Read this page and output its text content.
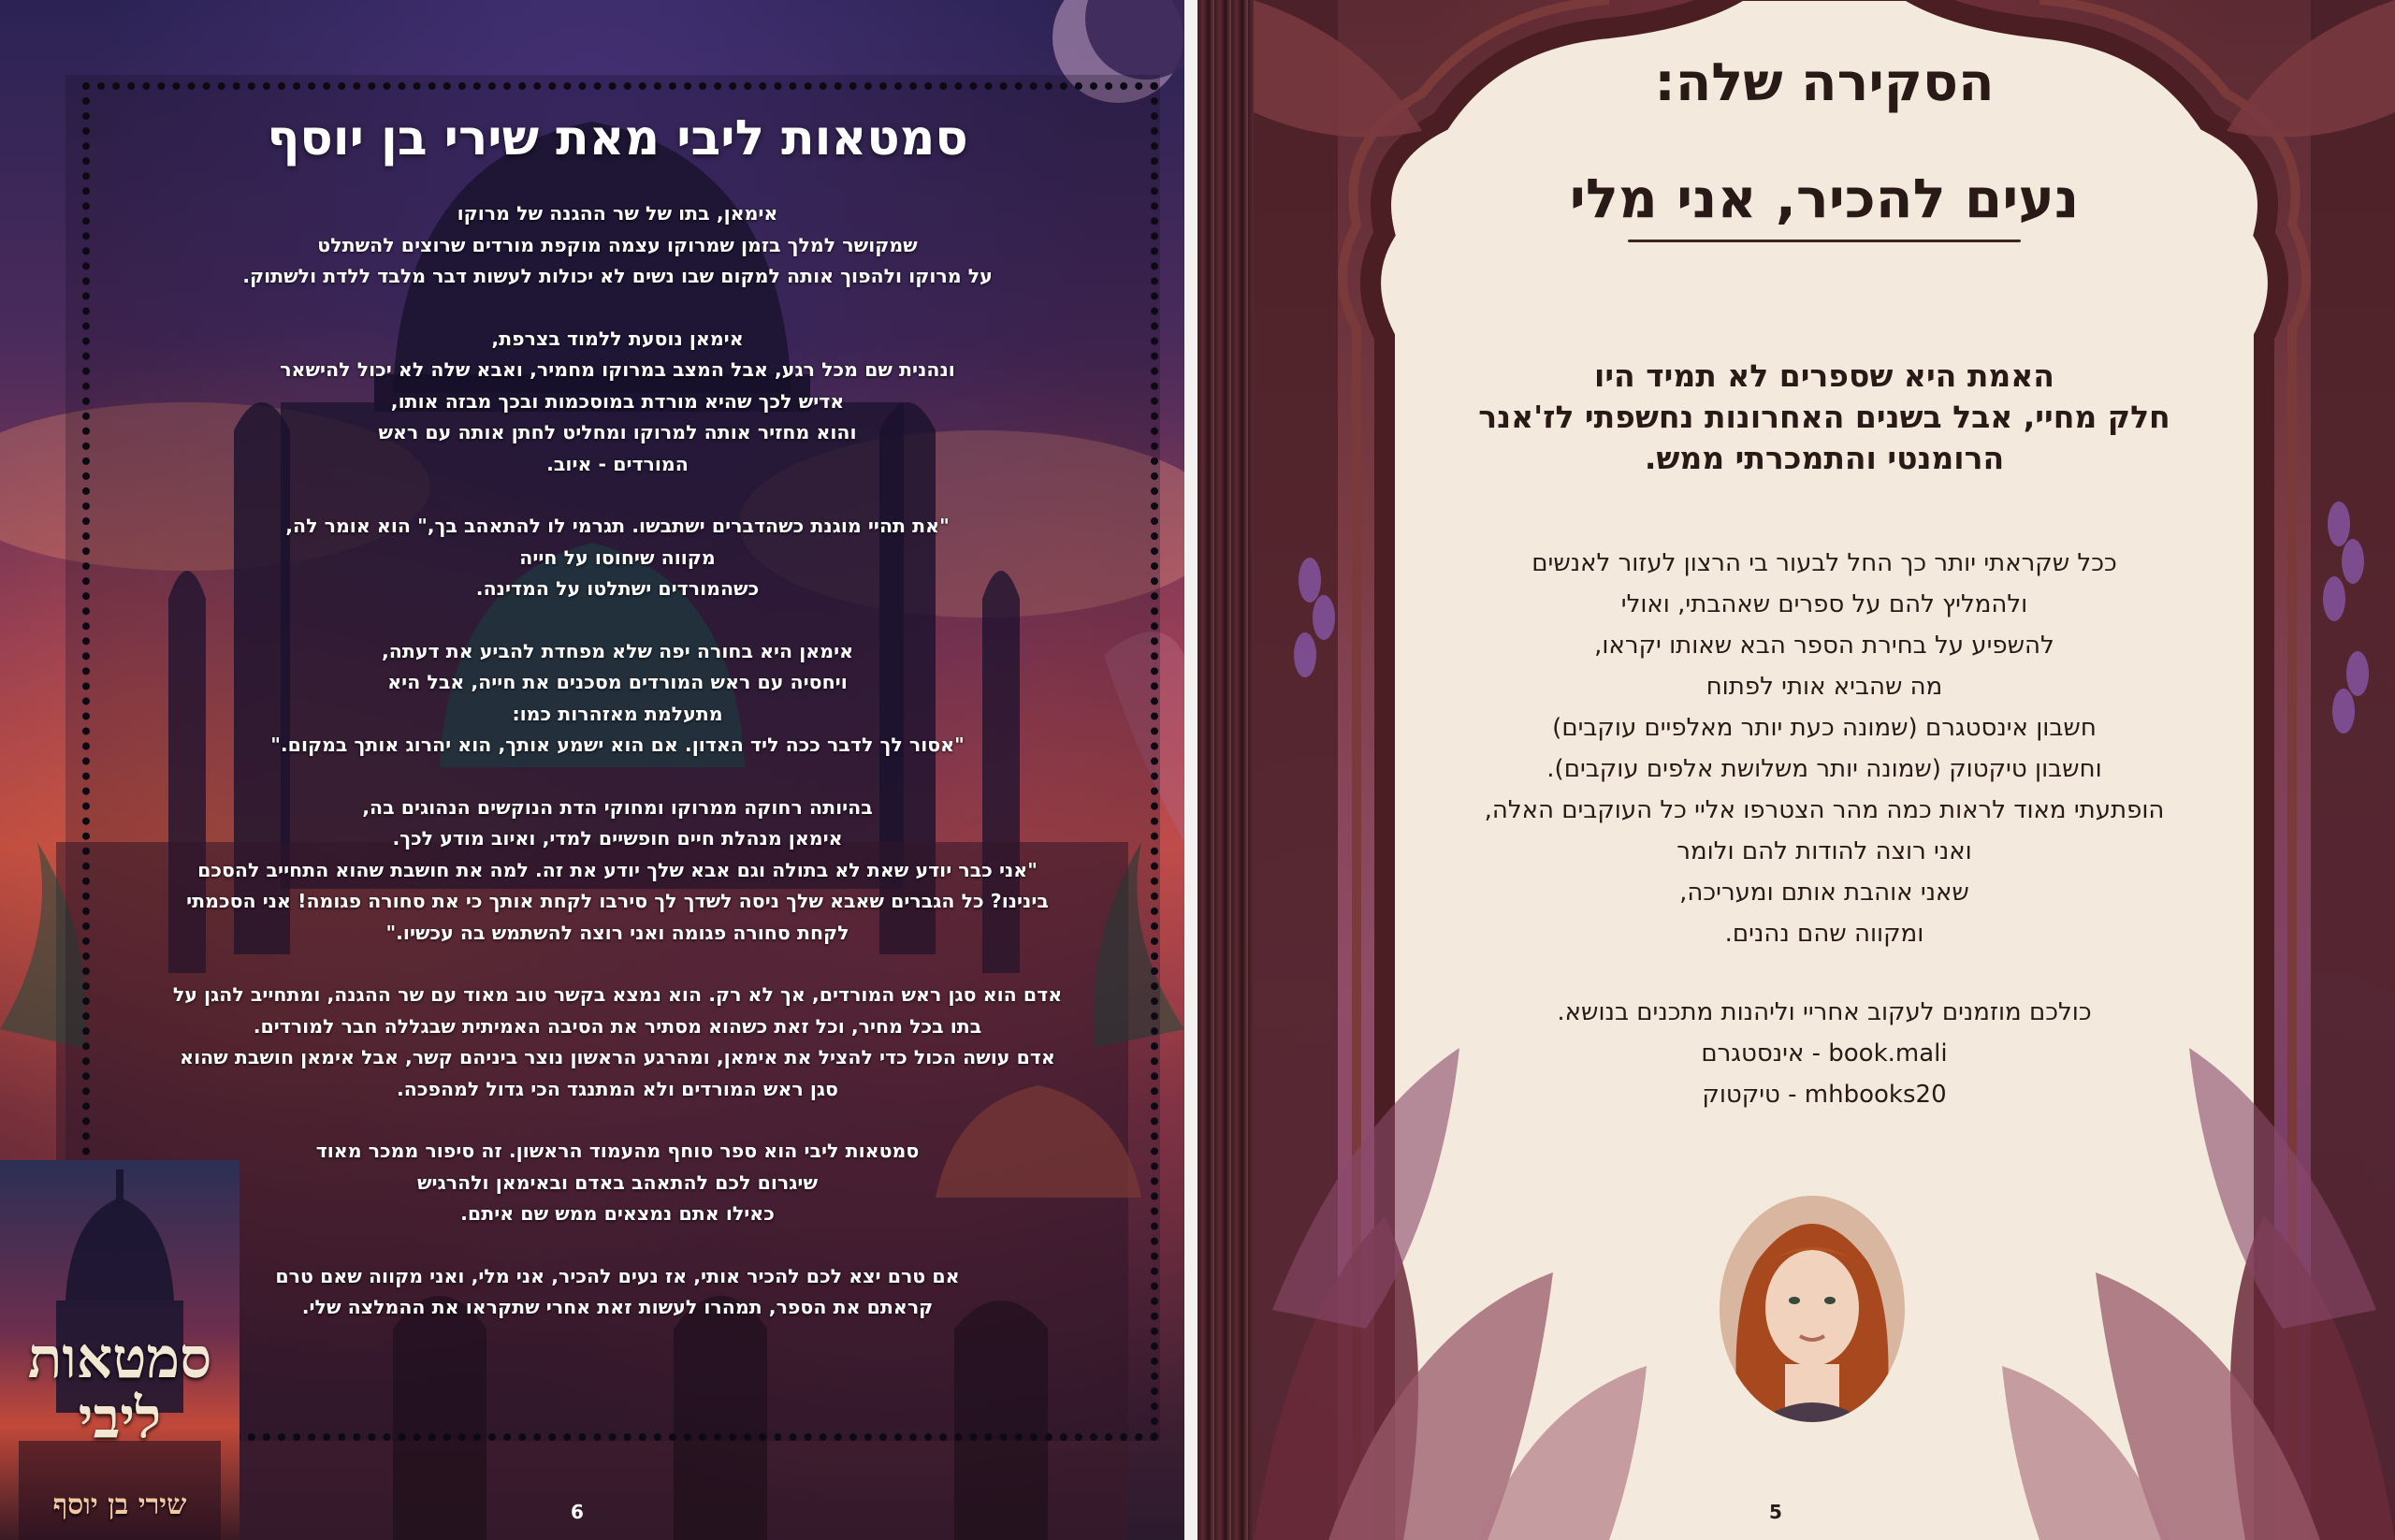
סמטאות ליבי מאת שירי בן יוסף

אימאן, בתו של שר ההגנה של מרוקו
שמקושר למלך בזמן שמרוקו עצמה מוקפת מורדים שרוצים להשתלט
על מרוקו ולהפוך אותה למקום שבו נשים לא יכולות לעשות דבר מלבד ללדת ולשתוק.

אימאן נוסעת ללמוד בצרפת,
ונהנית שם מכל רגע, אבל המצב במרוקו מחמיר, ואבא שלה לא יכול להישאר
אדיש לכך שהיא מורדת במוסכמות ובכך מבזה אותו,
והוא מחזיר אותה למרוקו ומחליט לחתן אותה עם ראש
המורדים - איוב.

"את תהיי מוגנת כשהדברים ישתבשו. תגרמי לו להתאהב בך," הוא אומר לה,
מקווה שיחוסו על חייה
כשהמורדים ישתלטו על המדינה.

אימאן היא בחורה יפה שלא מפחדת להביע את דעתה,
ויחסיה עם ראש המורדים מסכנים את חייה, אבל היא
מתעלמת מאזהרות כמו:
"אסור לך לדבר ככה ליד האדון. אם הוא ישמע אותך, הוא יהרוג אותך במקום."

בהיותה רחוקה ממרוקו ומחוקי הדת הנוקשים הנהוגים בה,
אימאן מנהלת חיים חופשיים למדי, ואיוב מודע לכך.
"אני כבר יודע שאת לא בתולה וגם אבא שלך יודע את זה. למה את חושבת שהוא התחייב להסכם
בינינו? כל הגברים שאבא שלך ניסה לשדך לך סירבו לקחת אותך כי את סחורה פגומה! אני הסכמתי
לקחת סחורה פגומה ואני רוצה להשתמש בה עכשיו."

אדם הוא סגן ראש המורדים, אך לא רק. הוא נמצא בקשר טוב מאוד עם שר ההגנה, ומתחייב להגן על
בתו בכל מחיר, וכל זאת כשהוא מסתיר את הסיבה האמיתית שבגללה חבר למורדים.
אדם עושה הכול כדי להציל את אימאן, ומהרגע הראשון נוצר ביניהם קשר, אבל אימאן חושבת שהוא
סגן ראש המורדים ולא המתנגד הכי גדול למהפכה.

סמטאות ליבי הוא ספר סוחף מהעמוד הראשון. זה סיפור ממכר מאוד
שיגרום לכם להתאהב באדם ובאימאן ולהרגיש
כאילו אתם נמצאים ממש שם איתם.

אם טרם יצא לכם להכיר אותי, אז נעים להכיר, אני מלי, ואני מקווה שאם טרם
קראתם את הספר, תמהרו לעשות זאת אחרי שתקראו את ההמלצה שלי.

סמטאות
ליבי
שירי בן יוסף	6
הסקירה שלה:
נעים להכיר, אני מלי
האמת היא שספרים לא תמיד היו
חלק מחיי, אבל בשנים האחרונות נחשפתי לז'אנר
הרומנטי והתמכרתי ממש.
ככל שקראתי יותר כך החל לבעור בי הרצון לעזור לאנשים
ולהמליץ להם על ספרים שאהבתי, ואולי
להשפיע על בחירת הספר הבא שאותו יקראו,
מה שהביא אותי לפתוח
חשבון אינסטגרם (שמונה כעת יותר מאלפיים עוקבים)
וחשבון טיקטוק (שמונה יותר משלושת אלפים עוקבים).
הופתעתי מאוד לראות כמה מהר הצטרפו אליי כל העוקבים האלה,
ואני רוצה להודות להם ולומר
שאני אוהבת אותם ומעריכה,
ומקווה שהם נהנים.
כולכם מוזמנים לעקוב אחריי וליהנות מתכנים בנושא.
book.mali - אינסטגרם
mhbooks20 - טיקטוק
5
